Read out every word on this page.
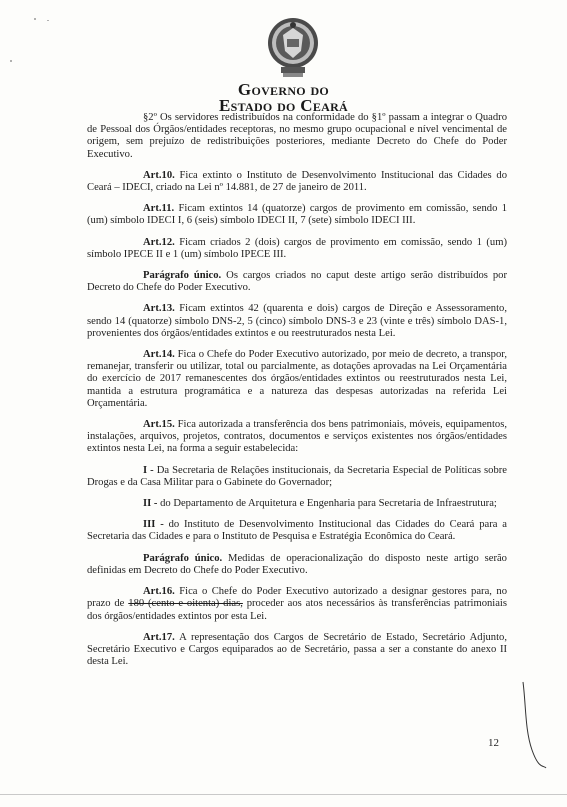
Governo do
Estado do Ceará

§2º Os servidores redistribuídos na conformidade do §1º passam a integrar o Quadro de Pessoal dos Órgãos/entidades receptoras, no mesmo grupo ocupacional e nível vencimental de origem, sem prejuízo de redistribuições posteriores, mediante Decreto do Chefe do Poder Executivo.

Art.10. Fica extinto o Instituto de Desenvolvimento Institucional das Cidades do Ceará – IDECI, criado na Lei nº 14.881, de 27 de janeiro de 2011.

Art.11. Ficam extintos 14 (quatorze) cargos de provimento em comissão, sendo 1 (um) símbolo IDECI I, 6 (seis) símbolo IDECI II, 7 (sete) símbolo IDECI III.

Art.12. Ficam criados 2 (dois) cargos de provimento em comissão, sendo 1 (um) símbolo IPECE II e 1 (um) símbolo IPECE III.

Parágrafo único. Os cargos criados no caput deste artigo serão distribuídos por Decreto do Chefe do Poder Executivo.

Art.13. Ficam extintos 42 (quarenta e dois) cargos de Direção e Assessoramento, sendo 14 (quatorze) símbolo DNS-2, 5 (cinco) símbolo DNS-3 e 23 (vinte e três) símbolo DAS-1, provenientes dos órgãos/entidades extintos e ou reestruturados nesta Lei.

Art.14. Fica o Chefe do Poder Executivo autorizado, por meio de decreto, a transpor, remanejar, transferir ou utilizar, total ou parcialmente, as dotações aprovadas na Lei Orçamentária do exercício de 2017 remanescentes dos órgãos/entidades extintos ou reestruturados nesta Lei, mantida a estrutura programática e a natureza das despesas autorizadas na referida Lei Orçamentária.

Art.15. Fica autorizada a transferência dos bens patrimoniais, móveis, equipamentos, instalações, arquivos, projetos, contratos, documentos e serviços existentes nos órgãos/entidades extintos nesta Lei, na forma a seguir estabelecida:

I - Da Secretaria de Relações institucionais, da Secretaria Especial de Políticas sobre Drogas e da Casa Militar para o Gabinete do Governador;

II - do Departamento de Arquitetura e Engenharia para Secretaria de Infraestrutura;

III - do Instituto de Desenvolvimento Institucional das Cidades do Ceará para a Secretaria das Cidades e para o Instituto de Pesquisa e Estratégia Econômica do Ceará.

Parágrafo único. Medidas de operacionalização do disposto neste artigo serão definidas em Decreto do Chefe do Poder Executivo.

Art.16. Fica o Chefe do Poder Executivo autorizado a designar gestores para, no prazo de 180 (cento e oitenta) dias, proceder aos atos necessários às transferências patrimoniais dos órgãos/entidades extintos por esta Lei.

Art.17. A representação dos Cargos de Secretário de Estado, Secretário Adjunto, Secretário Executivo e Cargos equiparados ao de Secretário, passa a ser a constante do anexo II desta Lei.

12
